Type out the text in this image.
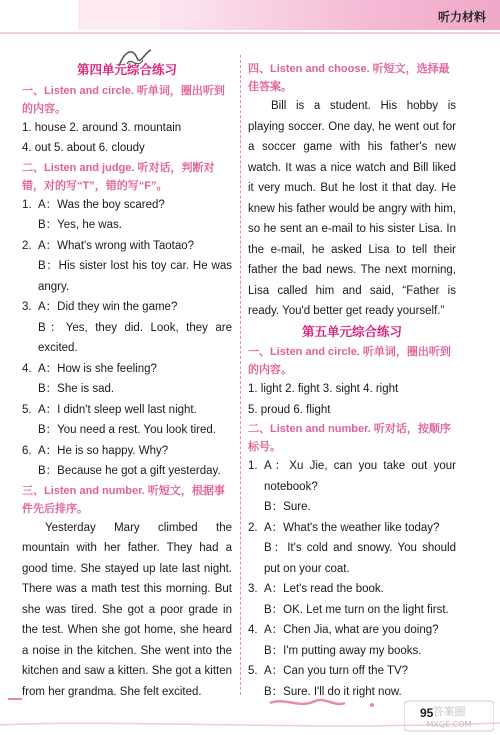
听力材料
第四单元综合练习
一、Listen and circle. 听单词，圈出听到
的内容。
1. house 2. around 3. mountain
4. out 5. about 6. cloudy
二、Listen and judge. 听对话，判断对
错，对的写“T”，错的写“F”。
1. A：Was the boy scared?
B：Yes, he was.
2. A：What's wrong with Taotao?
B：His sister lost his toy car. He was angry.
3. A：Did they win the game?
B：Yes, they did. Look, they are excited.
4. A：How is she feeling?
B：She is sad.
5. A：I didn't sleep well last night.
B：You need a rest. You look tired.
6. A：He is so happy. Why?
B：Because he got a gift yesterday.
三、Listen and number. 听短文，根据事
件先后排序。
Yesterday Mary climbed the mountain with her father. They had a good time. She stayed up late last night. There was a math test this morning. But she was tired. She got a poor grade in the test. When she got home, she heard a noise in the kitchen. She went into the kitchen and saw a kitten. She got a kitten from her grandma. She felt excited.
四、Listen and choose. 听短文，选择最
佳答案。
Bill is a student. His hobby is playing soccer. One day, he went out for a soccer game with his father's new watch. It was a nice watch and Bill liked it very much. But he lost it that day. He knew his father would be angry with him, so he sent an e-mail to his sister Lisa. In the e-mail, he asked Lisa to tell their father the bad news. The next morning, Lisa called him and said, “Father is ready. You'd better get ready yourself.”
第五单元综合练习
一、Listen and circle. 听单词，圈出听到
的内容。
1. light 2. fight 3. sight 4. right
5. proud 6. flight
二、Listen and number. 听对话，按顺序
标号。
1. A：Xu Jie, can you take out your notebook?
B：Sure.
2. A：What's the weather like today?
B：It's cold and snowy. You should put on your coat.
3. A：Let's read the book.
B：OK. Let me turn on the light first.
4. A：Chen Jia, what are you doing?
B：I'm putting away my books.
5. A：Can you turn off the TV?
B：Sure. I'll do it right now.
95 答案圈
MXQE.COM
